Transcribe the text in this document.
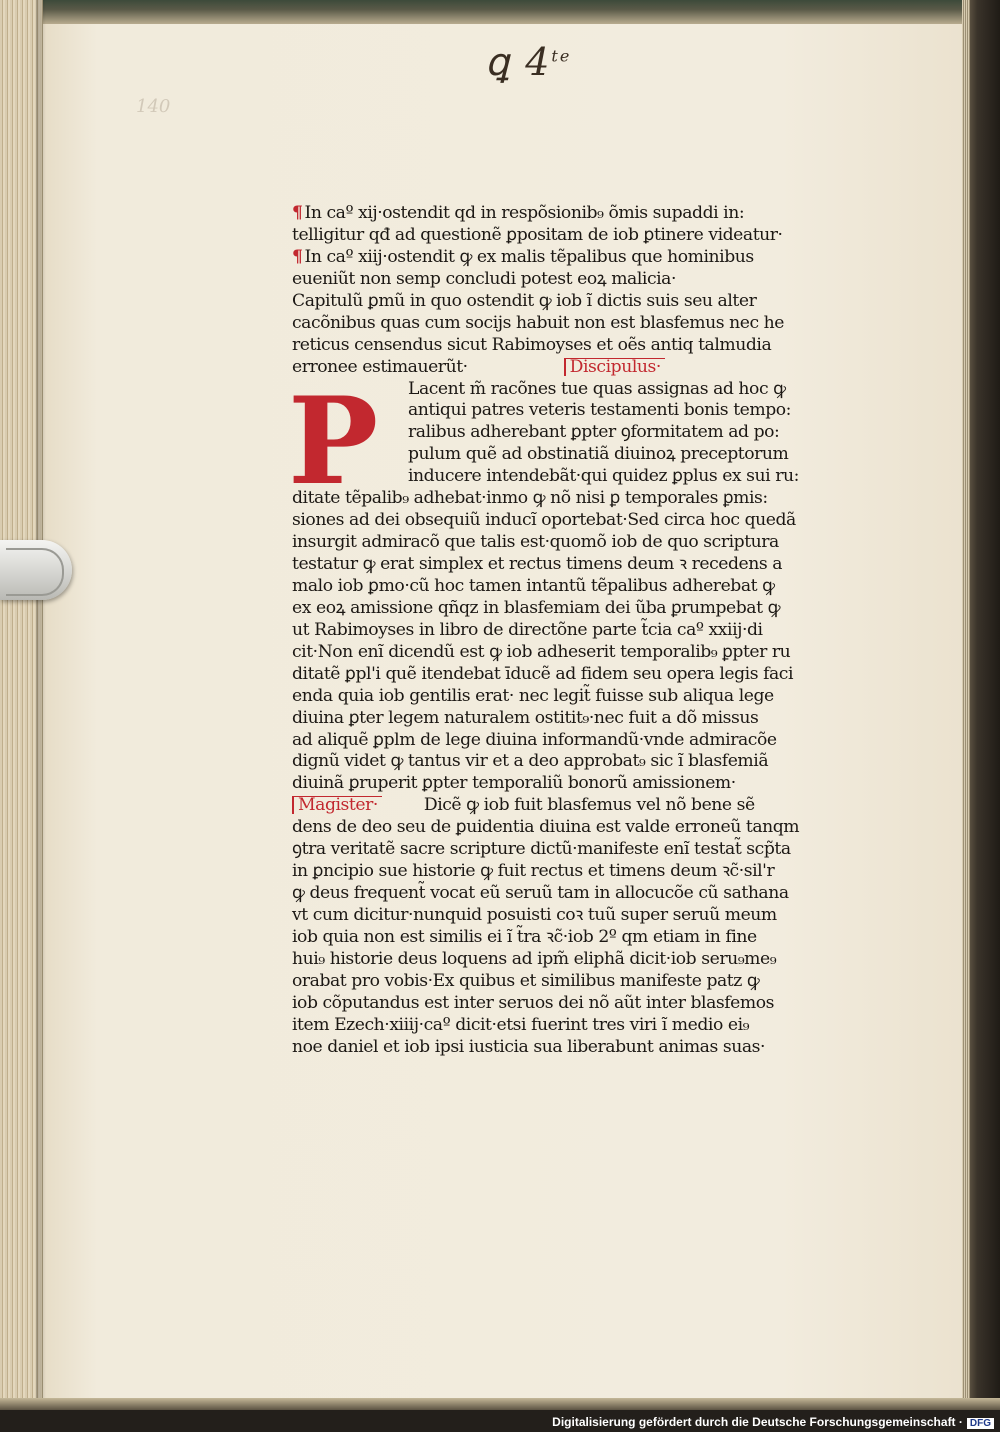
ꝗ $4^{te}$
140
P
¶ In caº xij·ostendit qd in respõsionib₉ õmis supaddi in:
telligitur qđ ad questionẽ ꝑpositam de iob ꝑtinere videatur·
¶ In caº xiij·ostendit ꝙ ex malis tẽpalibus que hominibus
eueniũt non semp concludi potest eoꝝ malicia·
Capitulũ ꝑmũ in quo ostendit ꝙ iob ĩ dictis suis seu alter
cacõnibus quas cum socijs habuit non est blasfemus nec he
reticus censendus sicut Rabimoyses et oẽs antiq talmudia
erronee estimauerũt·	Discipulus·
Lacent m̃ racõnes tue quas assignas ad hoc ꝙ
antiqui patres veteris testamenti bonis tempo:
ralibus adherebant ꝑpter ꝯformitatem ad po:
pulum quẽ ad obstinatiã diuinoꝝ preceptorum
inducere intendebãt·qui quidez ꝑplus ex sui ru:
ditate tẽpalib₉ adhebat·inmo ꝙ nõ nisi ꝑ temporales ꝑmis:
siones ad dei obsequiũ inducĩ oportebat·Sed circa hoc quedã
insurgit admiracõ que talis est·quomõ iob de quo scriptura
testatur ꝙ erat simplex et rectus timens deum ꝛ recedens a
malo iob ꝑmo·cũ hoc tamen intantũ tẽpalibus adherebat ꝙ
ex eoꝝ amissione qñqz in blasfemiam dei ũba ꝑrumpebat ꝙ
ut Rabimoyses in libro de directõne parte t̃cia caº xxiij·di
cit·Non enĩ dicendũ est ꝙ iob adheserit temporalib₉ ꝑpter ru
ditatẽ ꝑpl'i quẽ itendebat īducẽ ad fidem seu opera legis faci
enda quia iob gentilis erat· nec legit̃ fuisse sub aliqua lege
diuina ꝑter legem naturalem ostitit₉·nec fuit a dõ missus
ad aliquẽ ꝑplm de lege diuina informandũ·vnde admiracõe
dignũ videt ꝙ tantus vir et a deo approbat₉ sic ĩ blasfemiã
diuinã ꝑruperit ꝑpter temporaliũ bonorũ amissionem·
Magister·	Dicẽ ꝙ iob fuit blasfemus vel nõ bene sẽ
dens de deo seu de ꝑuidentia diuina est valde erroneũ tanqm
ꝯtra veritatẽ sacre scripture dictũ·manifeste enĩ testat̃ scp̃ta
in ꝑncipio sue historie ꝙ fuit rectus et timens deum ꝛc̃·sil'r
ꝙ deus frequent̃ vocat eũ seruũ tam in allocucõe cũ sathana
vt cum dicitur·nunquid posuisti coꝛ tuũ super seruũ meum
iob quia non est similis ei ĩ t̃ra ꝛc̃·iob 2º qm etiam in fine
hui₉ historie deus loquens ad ipm̃ eliphã dicit·iob seru₉me₉
orabat pro vobis·Ex quibus et similibus manifeste patz ꝙ
iob cõputandus est inter seruos dei nõ aũt inter blasfemos
item Ezech·xiiij·caº dicit·etsi fuerint tres viri ĩ medio ei₉
noe daniel et iob ipsi iusticia sua liberabunt animas suas·
Digitalisierung gefördert durch die Deutsche Forschungsgemeinschaft · DFG
